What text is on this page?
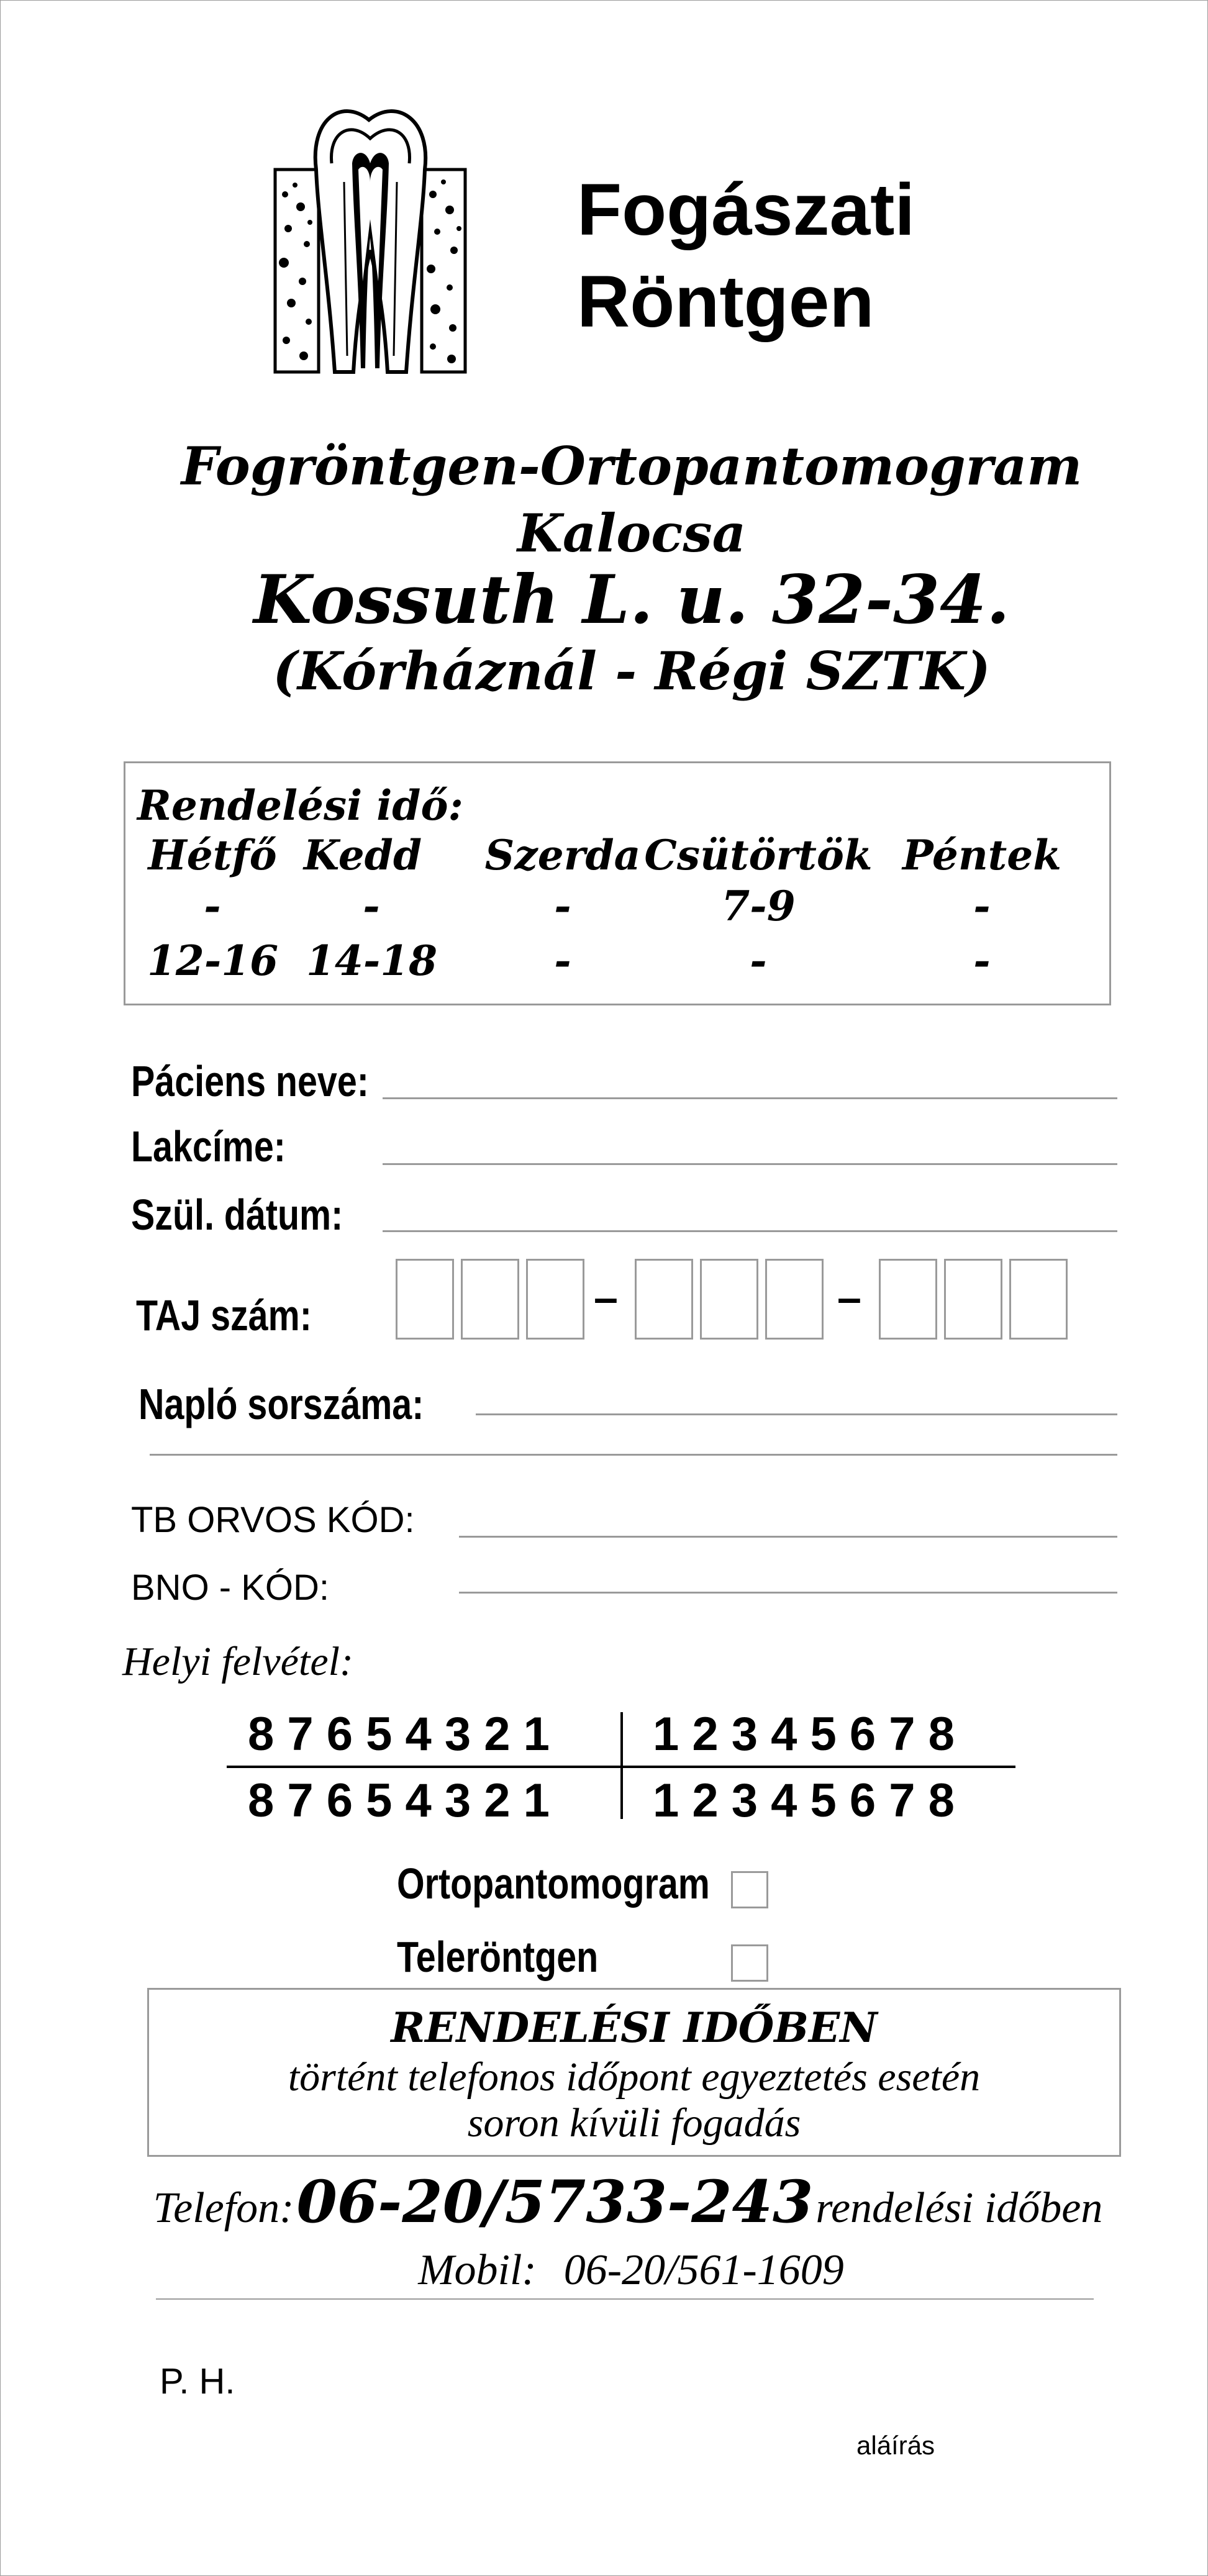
Fogászati
Röntgen
Fogröntgen-Ortopantomogram
Kalocsa
Kossuth L. u. 32-34.
(Kórháznál - Régi SZTK)
Rendelési idő:
Hétfő Kedd	Szerda Csütörtök Péntek
-	-	-	7-9	-
12-16 14-18	-	-	-
Páciens neve:
Lakcíme:
Szül. dátum:
TAJ szám:	–	–
Napló sorszáma:
TB ORVOS KÓD:
BNO - KÓD:
Helyi felvétel:
8 7 6 5 4 3 2 1 1 2 3 4 5 6 7 8
8 7 6 5 4 3 2 1 1 2 3 4 5 6 7 8
Ortopantomogram
Teleröntgen
RENDELÉSI IDŐBEN
történt telefonos időpont egyeztetés esetén
soron kívüli fogadás
Telefon: 06-20/5733-243 rendelési időben
Mobil: 06-20/561-1609
P. H.
aláírás
